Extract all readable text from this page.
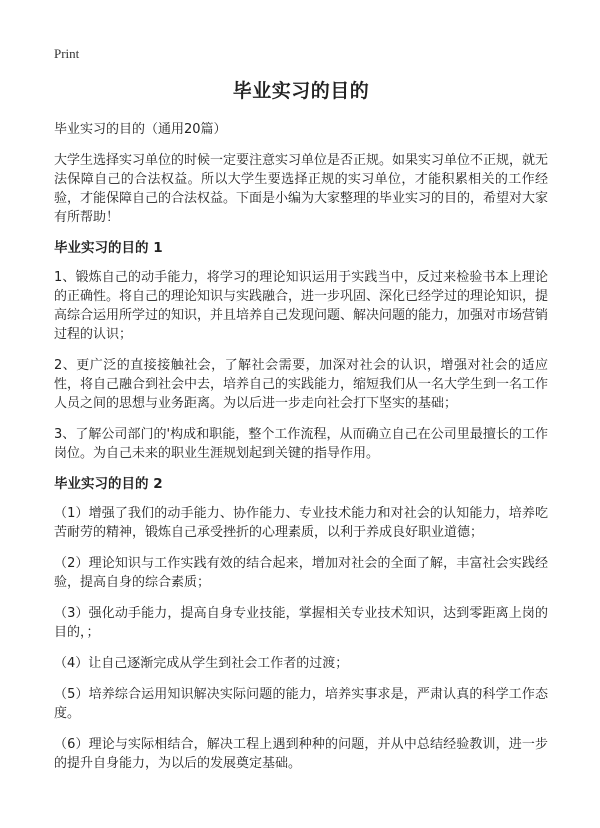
Print
毕业实习的目的

毕业实习的目的（通用20篇）

大学生选择实习单位的时候一定要注意实习单位是否正规。如果实习单位不正规，就无法保障自己的合法权益。所以大学生要选择正规的实习单位，才能积累相关的工作经验，才能保障自己的合法权益。下面是小编为大家整理的毕业实习的目的，希望对大家有所帮助！

毕业实习的目的 1

1、锻炼自己的动手能力，将学习的理论知识运用于实践当中，反过来检验书本上理论的正确性。将自己的理论知识与实践融合，进一步巩固、深化已经学过的理论知识，提高综合运用所学过的知识，并且培养自己发现问题、解决问题的能力，加强对市场营销过程的认识；

2、更广泛的直接接触社会，了解社会需要，加深对社会的认识，增强对社会的适应性，将自己融合到社会中去，培养自己的实践能力，缩短我们从一名大学生到一名工作人员之间的思想与业务距离。为以后进一步走向社会打下坚实的基础；

3、了解公司部门的'构成和职能，整个工作流程，从而确立自己在公司里最擅长的工作岗位。为自己未来的职业生涯规划起到关键的指导作用。

毕业实习的目的 2

（1）增强了我们的动手能力、协作能力、专业技术能力和对社会的认知能力，培养吃苦耐劳的精神，锻炼自己承受挫折的心理素质，以利于养成良好职业道德；

（2）理论知识与工作实践有效的结合起来，增加对社会的全面了解，丰富社会实践经验，提高自身的综合素质；

（3）强化动手能力，提高自身专业技能，掌握相关专业技术知识，达到零距离上岗的目的，；

（4）让自己逐渐完成从学生到社会工作者的过渡；

（5）培养综合运用知识解决实际问题的能力，培养实事求是，严肃认真的科学工作态度。

（6）理论与实际相结合，解决工程上遇到种种的问题，并从中总结经验教训，进一步的提升自身能力，为以后的发展奠定基础。
